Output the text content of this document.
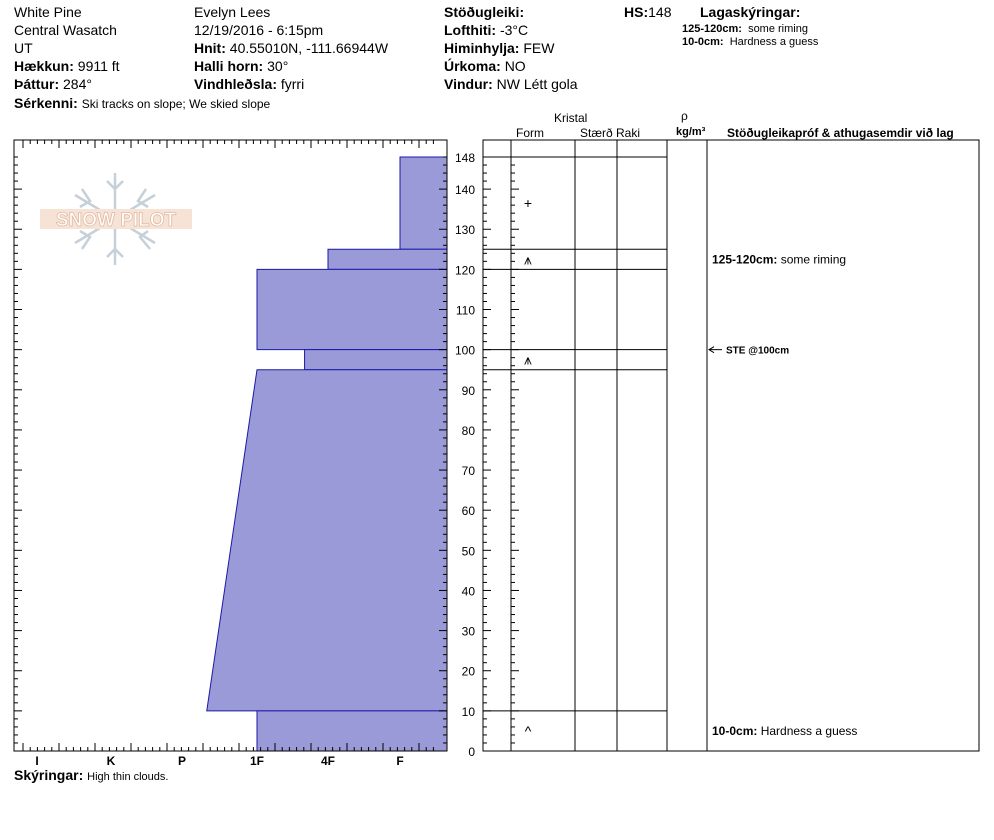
White Pine
Central Wasatch
UT
Hækkun: 9911 ft
Þáttur: 284°
Sérkenni: Ski tracks on slope; We skied slope
Evelyn Lees
12/19/2016 - 6:15pm
Hnit: 40.55010N, -111.66944W
Halli horn: 30°
Vindhleðsla: fyrri
Stöðugleiki:
Lofthiti: -3°C
Himinhylja: FEW
Úrkoma: NO
Vindur: NW Létt gola
HS:148 Lagaskýringar:
125-120cm: some riming
10-0cm: Hardness a guess
Kristal
Form	Stærð Raki
ρ
kg/m³ Stöðugleikapróf & athugasemdir við lag
Skýringar: High thin clouds.
SNOW PILOT
0
10
20
30
40
50
60
70
80
90
100
110
120
130
140
148
I	K	P	1F	4F	F
+
⩚
⩚
^
125-120cm: some riming
10-0cm: Hardness a guess
STE @100cm
